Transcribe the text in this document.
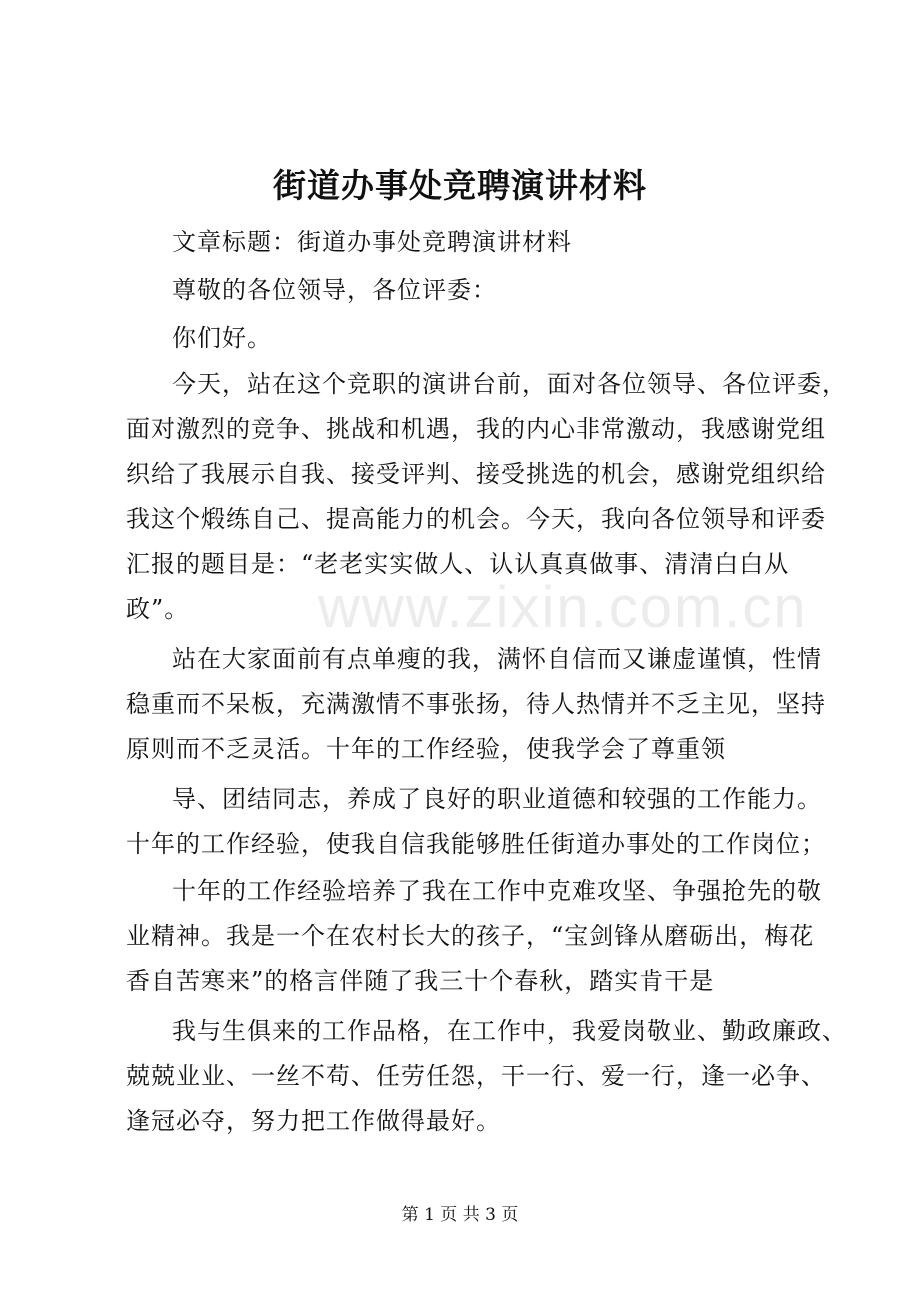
街道办事处竞聘演讲材料
文章标题：街道办事处竞聘演讲材料
尊敬的各位领导，各位评委：
你们好。
今天，站在这个竞职的演讲台前，面对各位领导、各位评委，
面对激烈的竞争、挑战和机遇，我的内心非常激动，我感谢党组
织给了我展示自我、接受评判、接受挑选的机会，感谢党组织给
我这个煅练自己、提高能力的机会。今天，我向各位领导和评委
汇报的题目是：“老老实实做人、认认真真做事、清清白白从
政”。 www.zixin.com.cn
站在大家面前有点单瘦的我，满怀自信而又谦虚谨慎，性情
稳重而不呆板，充满激情不事张扬，待人热情并不乏主见，坚持
原则而不乏灵活。十年的工作经验，使我学会了尊重领
导、团结同志，养成了良好的职业道德和较强的工作能力。
十年的工作经验，使我自信我能够胜任街道办事处的工作岗位；
十年的工作经验培养了我在工作中克难攻坚、争强抢先的敬
业精神。我是一个在农村长大的孩子，“宝剑锋从磨砺出，梅花
香自苦寒来”的格言伴随了我三十个春秋，踏实肯干是
我与生俱来的工作品格，在工作中，我爱岗敬业、勤政廉政、
兢兢业业、一丝不苟、任劳任怨，干一行、爱一行，逢一必争、
逢冠必夺，努力把工作做得最好。
第 1 页 共 3 页
